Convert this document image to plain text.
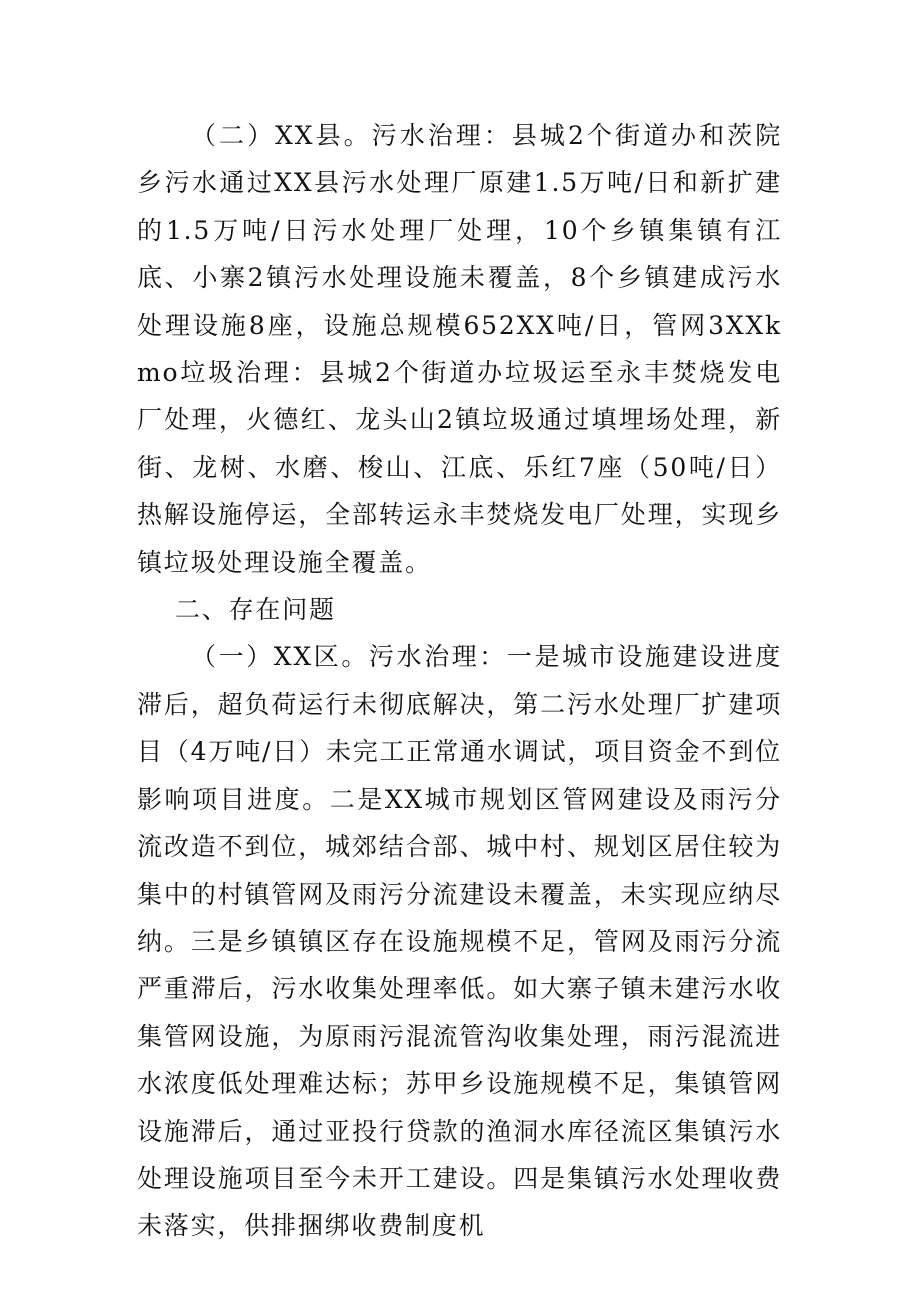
（二）XX县。污水治理：县城2个街道办和茨院乡污水通过XX县污水处理厂原建1.5万吨/日和新扩建的1.5万吨/日污水处理厂处理，10个乡镇集镇有江底、小寨2镇污水处理设施未覆盖，8个乡镇建成污水处理设施8座，设施总规模652XX吨/日，管网3XXkmo垃圾治理：县城2个街道办垃圾运至永丰焚烧发电厂处理，火德红、龙头山2镇垃圾通过填埋场处理，新街、龙树、水磨、梭山、江底、乐红7座（50吨/日）热解设施停运，全部转运永丰焚烧发电厂处理，实现乡镇垃圾处理设施全覆盖。

二、存在问题

（一）XX区。污水治理：一是城市设施建设进度滞后，超负荷运行未彻底解决，第二污水处理厂扩建项目（4万吨/日）未完工正常通水调试，项目资金不到位影响项目进度。二是XX城市规划区管网建设及雨污分流改造不到位，城郊结合部、城中村、规划区居住较为集中的村镇管网及雨污分流建设未覆盖，未实现应纳尽纳。三是乡镇镇区存在设施规模不足，管网及雨污分流严重滞后，污水收集处理率低。如大寨子镇未建污水收集管网设施，为原雨污混流管沟收集处理，雨污混流进水浓度低处理难达标；苏甲乡设施规模不足，集镇管网设施滞后，通过亚投行贷款的渔洞水库径流区集镇污水处理设施项目至今未开工建设。四是集镇污水处理收费未落实，供排捆绑收费制度机
